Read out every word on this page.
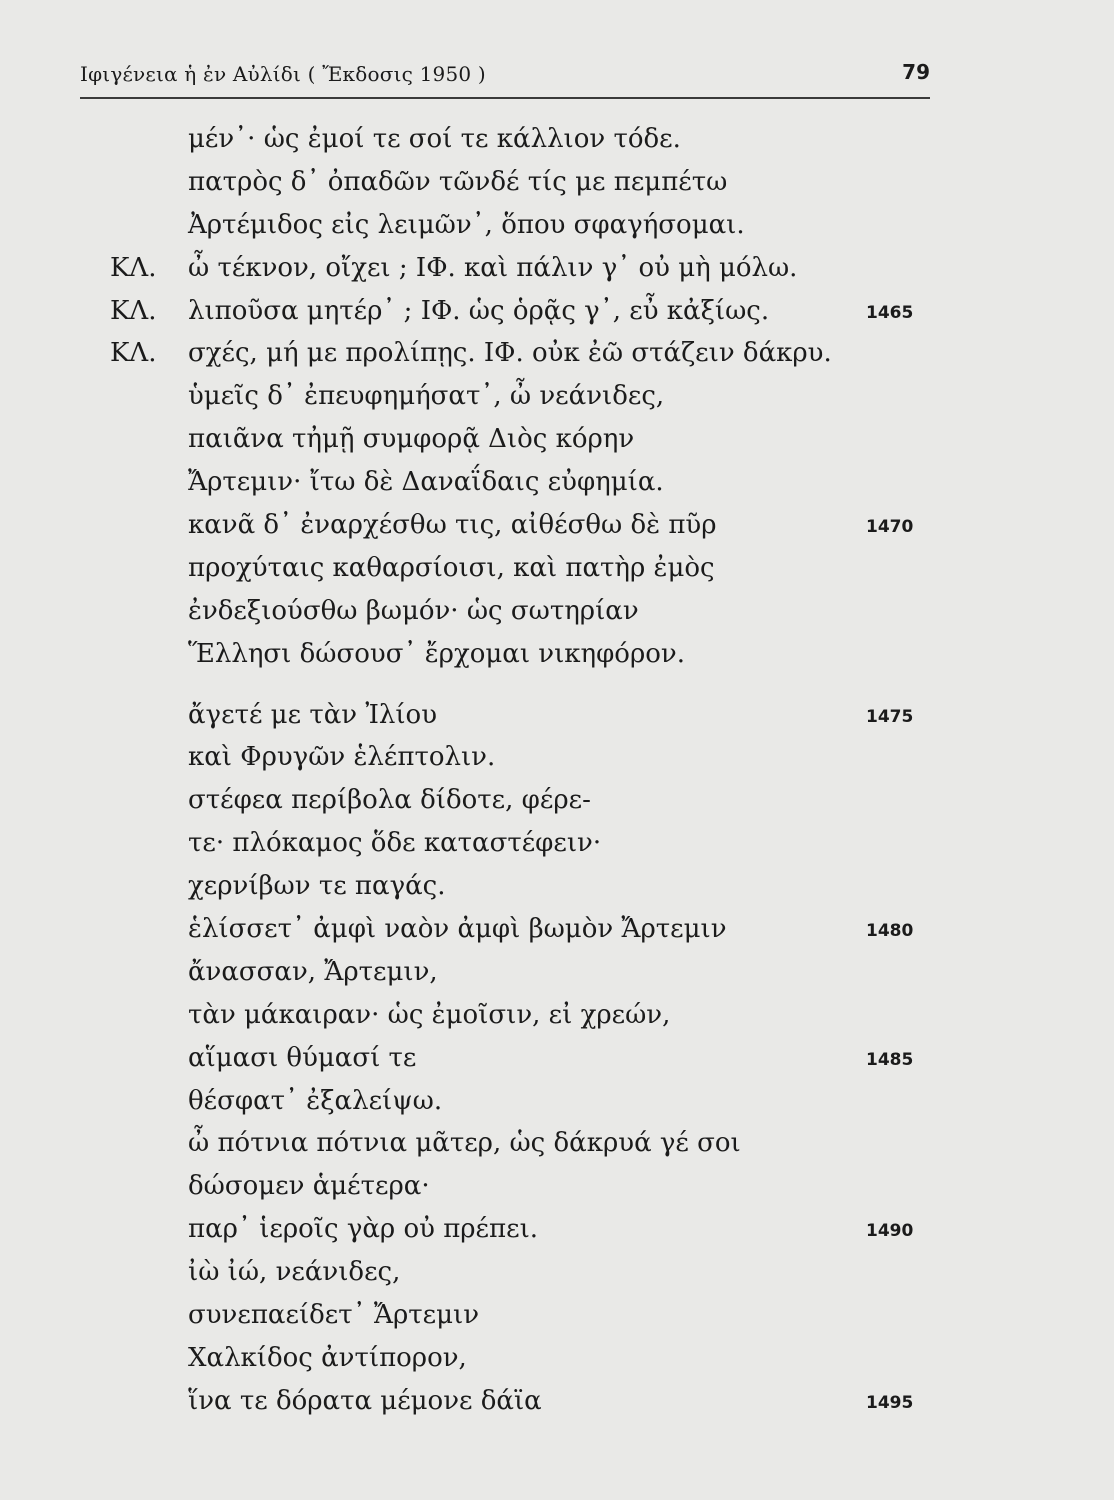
Ιφιγένεια ἡ ἐν Αὐλίδι ( Ἔκδοσις 1950 )	79
μέν᾽· ὡς ἐμοί τε σοί τε κάλλιον τόδε.
πατρὸς δ᾽ ὀπαδῶν τῶνδέ τίς με πεμπέτω
Ἀρτέμιδος εἰς λειμῶν᾽, ὅπου σφαγήσομαι.
ΚΛ. ὦ τέκνον, οἴχει ; ΙΦ. καὶ πάλιν γ᾽ οὐ μὴ μόλω.
ΚΛ. λιποῦσα μητέρ᾽ ; ΙΦ. ὡς ὁρᾷς γ᾽, εὖ κἀξίως.	1465
ΚΛ. σχές, μή με προλίπῃς. ΙΦ. οὐκ ἐῶ στάζειν δάκρυ.
ὑμεῖς δ᾽ ἐπευφημήσατ᾽, ὦ νεάνιδες,
παιᾶνα τἠμῇ συμφορᾷ Διὸς κόρην
Ἄρτεμιν· ἴτω δὲ Δαναΐδαις εὐφημία.
κανᾶ δ᾽ ἐναρχέσθω τις, αἰθέσθω δὲ πῦρ	1470
προχύταις καθαρσίοισι, καὶ πατὴρ ἐμὸς
ἐνδεξιούσθω βωμόν· ὡς σωτηρίαν
Ἕλλησι δώσουσ᾽ ἔρχομαι νικηφόρον.
ἄγετέ με τὰν Ἰλίου	1475
καὶ Φρυγῶν ἑλέπτολιν.
στέφεα περίβολα δίδοτε, φέρε-
τε· πλόκαμος ὅδε καταστέφειν·
χερνίβων τε παγάς.
ἑλίσσετ᾽ ἀμφὶ ναὸν ἀμφὶ βωμὸν Ἄρτεμιν	1480
ἄνασσαν, Ἄρτεμιν,
τὰν μάκαιραν· ὡς ἐμοῖσιν, εἰ χρεών,
αἵμασι θύμασί τε	1485
θέσφατ᾽ ἐξαλείψω.
ὦ πότνια πότνια μᾶτερ, ὡς δάκρυά γέ σοι
δώσομεν ἁμέτερα·
παρ᾽ ἱεροῖς γὰρ οὐ πρέπει.	1490
ἰὼ ἰώ, νεάνιδες,
συνεπαείδετ᾽ Ἄρτεμιν
Χαλκίδος ἀντίπορον,
ἵνα τε δόρατα μέμονε δάϊα	1495
